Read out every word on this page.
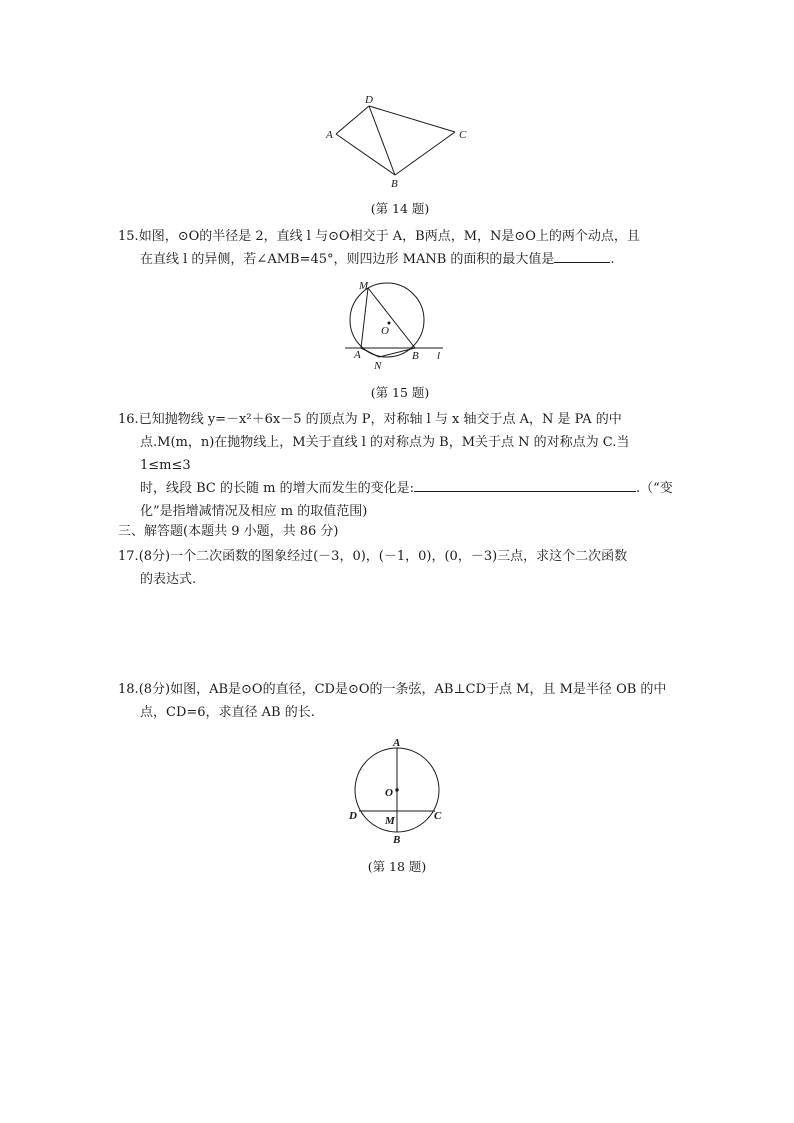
A
D
C
B
(第 14 题)
15.如图，⊙O的半径是 2，直线 l 与⊙O相交于 A，B两点，M，N是⊙O上的两个动点，且
在直线 l 的异侧，若∠AMB=45°，则四边形 MANB 的面积的最大值是	.
M
O
A
N
B l
(第 15 题)
16.已知抛物线 y=－x²＋6x－5 的顶点为 P，对称轴 l 与 x 轴交于点 A，N 是 PA 的中
点.M(m，n)在抛物线上，M关于直线 l 的对称点为 B，M关于点 N 的对称点为 C.当 1≤m≤3
时，线段 BC 的长随 m 的增大而发生的变化是:	.（“变
化”是指增减情况及相应 m 的取值范围)
三、解答题(本题共 9 小题，共 86 分)
17.(8分)一个二次函数的图象经过(－3，0)，(－1，0)，(0，－3)三点，求这个二次函数
的表达式.
18.(8分)如图，AB是⊙O的直径，CD是⊙O的一条弦，AB⊥CD于点 M，且 M是半径 OB 的中
点，CD=6，求直径 AB 的长.
A
O
D	M	C
B
(第 18 题)
